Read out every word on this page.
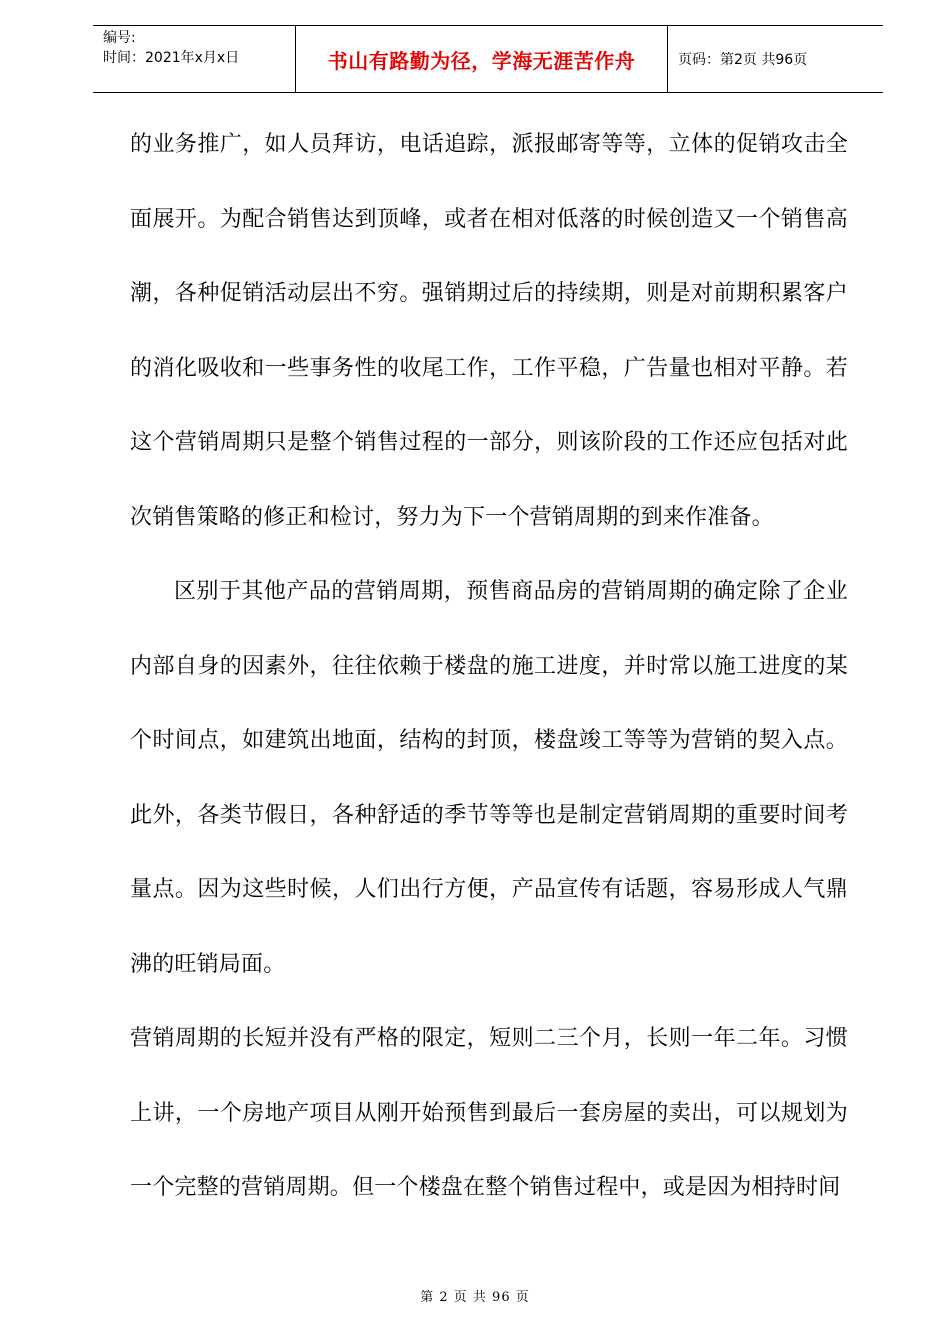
编号:
时间：2021年x月x日	书山有路勤为径，学海无涯苦作舟	页码：第2页 共96页

的业务推广，如人员拜访，电话追踪，派报邮寄等等，立体的促销攻击全面展开。为配合销售达到顶峰，或者在相对低落的时候创造又一个销售高潮，各种促销活动层出不穷。强销期过后的持续期，则是对前期积累客户的消化吸收和一些事务性的收尾工作，工作平稳，广告量也相对平静。若这个营销周期只是整个销售过程的一部分，则该阶段的工作还应包括对此次销售策略的修正和检讨，努力为下一个营销周期的到来作准备。

区别于其他产品的营销周期，预售商品房的营销周期的确定除了企业内部自身的因素外，往往依赖于楼盘的施工进度，并时常以施工进度的某个时间点，如建筑出地面，结构的封顶，楼盘竣工等等为营销的契入点。此外，各类节假日，各种舒适的季节等等也是制定营销周期的重要时间考量点。因为这些时候，人们出行方便，产品宣传有话题，容易形成人气鼎沸的旺销局面。

营销周期的长短并没有严格的限定，短则二三个月，长则一年二年。习惯上讲，一个房地产项目从刚开始预售到最后一套房屋的卖出，可以规划为一个完整的营销周期。但一个楼盘在整个销售过程中，或是因为相持时间

第 2 页 共 96 页
